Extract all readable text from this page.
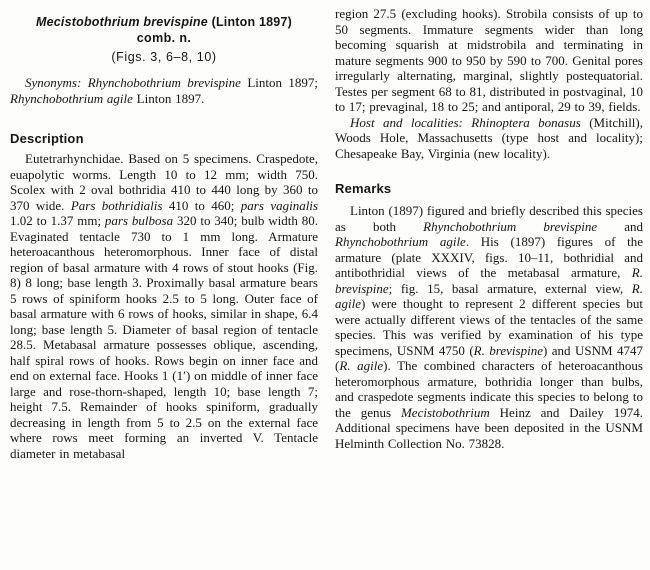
Mecistobothrium brevispine (Linton 1897)
comb. n.
(Figs. 3, 6–8, 10)

Synonyms: Rhynchobothrium brevispine Linton 1897; Rhynchobothrium agile Linton 1897.

Description

Eutetrarhynchidae. Based on 5 specimens. Craspedote, euapolytic worms. Length 10 to 12 mm; width 750. Scolex with 2 oval bothridia 410 to 440 long by 360 to 370 wide. Pars bothridialis 410 to 460; pars vaginalis 1.02 to 1.37 mm; pars bulbosa 320 to 340; bulb width 80. Evaginated tentacle 730 to 1 mm long. Armature heteroacanthous heteromorphous. Inner face of distal region of basal armature with 4 rows of stout hooks (Fig. 8) 8 long; base length 3. Proximally basal armature bears 5 rows of spiniform hooks 2.5 to 5 long. Outer face of basal armature with 6 rows of hooks, similar in shape, 6.4 long; base length 5. Diameter of basal region of tentacle 28.5. Metabasal armature possesses oblique, ascending, half spiral rows of hooks. Rows begin on inner face and end on external face. Hooks 1 (1′) on middle of inner face large and rose-thorn-shaped, length 10; base length 7; height 7.5. Remainder of hooks spiniform, gradually decreasing in length from 5 to 2.5 on the external face where rows meet forming an inverted V. Tentacle diameter in metabasal

region 27.5 (excluding hooks). Strobila consists of up to 50 segments. Immature segments wider than long becoming squarish at midstrobila and terminating in mature segments 900 to 950 by 590 to 700. Genital pores irregularly alternating, marginal, slightly postequatorial. Testes per segment 68 to 81, distributed in postvaginal, 10 to 17; prevaginal, 18 to 25; and antiporal, 29 to 39, fields.

Host and localities: Rhinoptera bonasus (Mitchill), Woods Hole, Massachusetts (type host and locality); Chesapeake Bay, Virginia (new locality).

Remarks

Linton (1897) figured and briefly described this species as both Rhynchobothrium brevispine and Rhynchobothrium agile. His (1897) figures of the armature (plate XXXIV, figs. 10–11, bothridial and antibothridial views of the metabasal armature, R. brevispine; fig. 15, basal armature, external view, R. agile) were thought to represent 2 different species but were actually different views of the tentacles of the same species. This was verified by examination of his type specimens, USNM 4750 (R. brevispine) and USNM 4747 (R. agile). The combined characters of heteroacanthous heteromorphous armature, bothridia longer than bulbs, and craspedote segments indicate this species to belong to the genus Mecistobothrium Heinz and Dailey 1974. Additional specimens have been deposited in the USNM Helminth Collection No. 73828.
